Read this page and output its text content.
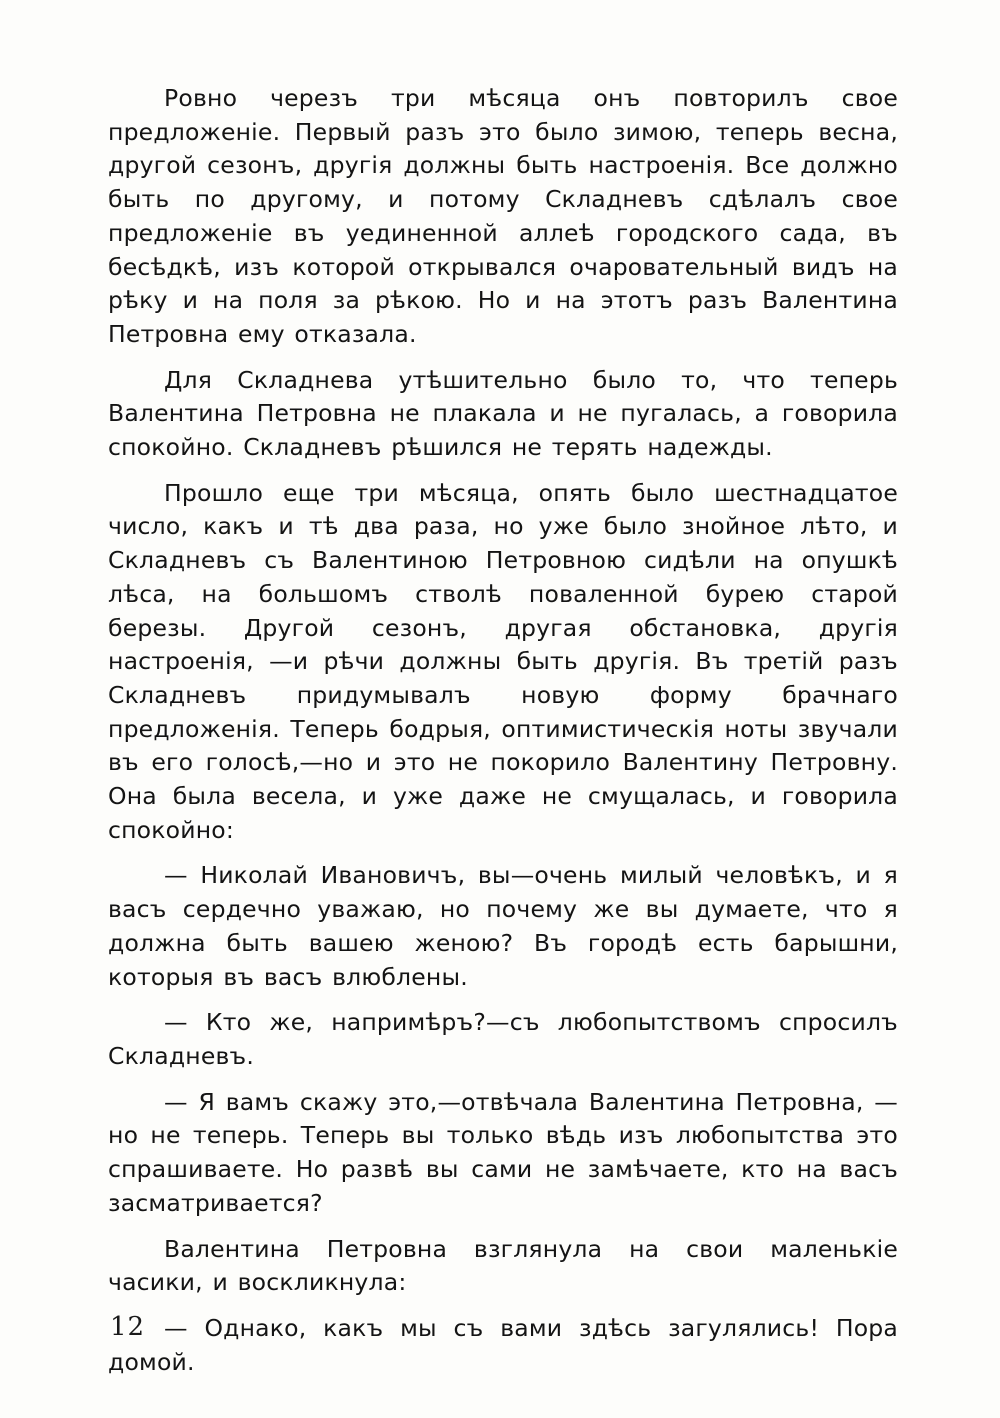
Ровно черезъ три мѣсяца онъ повторилъ свое предложеніе. Первый разъ это было зимою, теперь весна, другой сезонъ, другія должны быть настроенія. Все должно быть по другому, и потому Складневъ сдѣлалъ свое предложеніе въ уединенной аллеѣ городского сада, въ бесѣдкѣ, изъ которой открывался очаровательный видъ на рѣку и на поля за рѣкою. Но и на этотъ разъ Валентина Петровна ему отказала.

Для Складнева утѣшительно было то, что теперь Валентина Петровна не плакала и не пугалась, а говорила спокойно. Складневъ рѣшился не терять надежды.

Прошло еще три мѣсяца, опять было шестнадцатое число, какъ и тѣ два раза, но уже было знойное лѣто, и Складневъ съ Валентиною Петровною сидѣли на опушкѣ лѣса, на большомъ стволѣ поваленной бурею старой березы. Другой сезонъ, другая обстановка, другія настроенія, —и рѣчи должны быть другія. Въ третій разъ Складневъ придумывалъ новую форму брачнаго предложенія. Теперь бодрыя, оптимистическія ноты звучали въ его голосѣ,—но и это не покорило Валентину Петровну. Она была весела, и уже даже не смущалась, и говорила спокойно:

— Николай Ивановичъ, вы—очень милый человѣкъ, и я васъ сердечно уважаю, но почему же вы думаете, что я должна быть вашею женою? Въ городѣ есть барышни, которыя въ васъ влюблены.

— Кто же, напримѣръ?—съ любопытствомъ спросилъ Складневъ.

— Я вамъ скажу это,—отвѣчала Валентина Петровна, —но не теперь. Теперь вы только вѣдь изъ любопытства это спрашиваете. Но развѣ вы сами не замѣчаете, кто на васъ засматривается?

Валентина Петровна взглянула на свои маленькіе часики, и воскликнула:

— Однако, какъ мы съ вами здѣсь загулялись! Пора домой.

12
